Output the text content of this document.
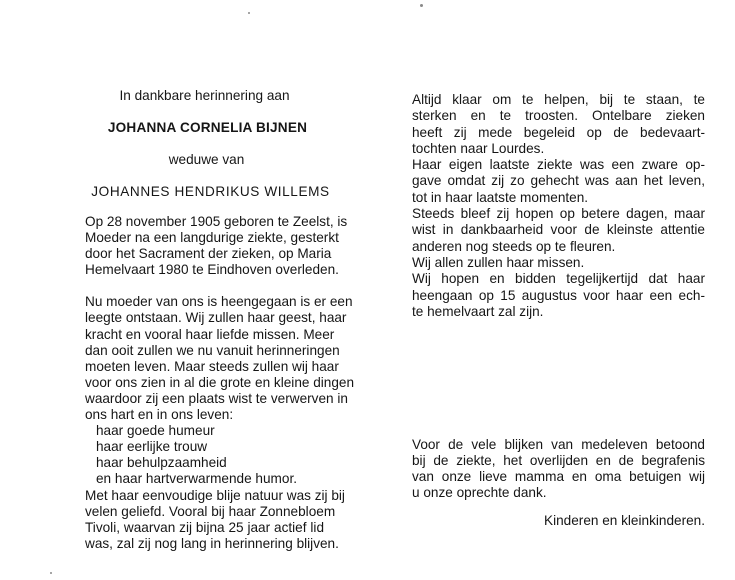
In dankbare herinnering aan
JOHANNA CORNELIA BIJNEN
weduwe van
JOHANNES HENDRIKUS WILLEMS
Op 28 november 1905 geboren te Zeelst, is
Moeder na een langdurige ziekte, gesterkt
door het Sacrament der zieken, op Maria
Hemelvaart 1980 te Eindhoven overleden.
Nu moeder van ons is heengegaan is er een
leegte ontstaan. Wij zullen haar geest, haar
kracht en vooral haar liefde missen. Meer
dan ooit zullen we nu vanuit herinneringen
moeten leven. Maar steeds zullen wij haar
voor ons zien in al die grote en kleine dingen
waardoor zij een plaats wist te verwerven in
ons hart en in ons leven:
haar goede humeur
haar eerlijke trouw
haar behulpzaamheid
en haar hartverwarmende humor.
Met haar eenvoudige blije natuur was zij bij
velen geliefd. Vooral bij haar Zonnebloem
Tivoli, waarvan zij bijna 25 jaar actief lid
was, zal zij nog lang in herinnering blijven.
Altijd klaar om te helpen, bij te staan, te
sterken en te troosten. Ontelbare zieken
heeft zij mede begeleid op de bedevaart-
tochten naar Lourdes.
Haar eigen laatste ziekte was een zware op-
gave omdat zij zo gehecht was aan het leven,
tot in haar laatste momenten.
Steeds bleef zij hopen op betere dagen, maar
wist in dankbaarheid voor de kleinste attentie
anderen nog steeds op te fleuren.
Wij allen zullen haar missen.
Wij hopen en bidden tegelijkertijd dat haar
heengaan op 15 augustus voor haar een ech-
te hemelvaart zal zijn.
Voor de vele blijken van medeleven betoond
bij de ziekte, het overlijden en de begrafenis
van onze lieve mamma en oma betuigen wij
u onze oprechte dank.
Kinderen en kleinkinderen.
